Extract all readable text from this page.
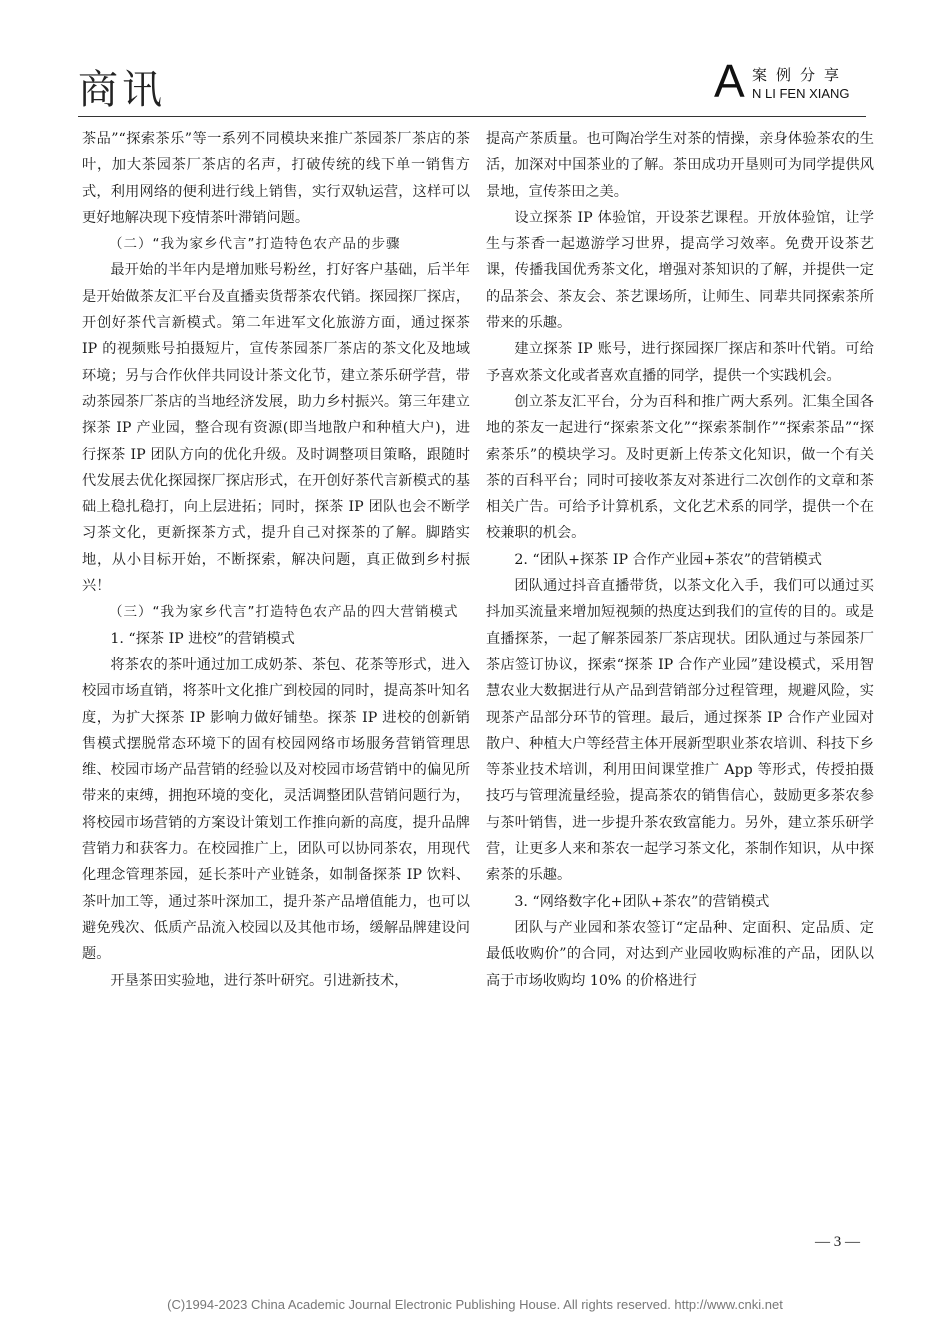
商讯	A 案例分享
N LI FEN XIANG

茶品”“探索茶乐”等一系列不同模块来推广茶园茶厂茶店的茶叶，加大茶园茶厂茶店的名声，打破传统的线下单一销售方式，利用网络的便利进行线上销售，实行双轨运营，这样可以更好地解决现下疫情茶叶滞销问题。

（二）“我为家乡代言”打造特色农产品的步骤

最开始的半年内是增加账号粉丝，打好客户基础，后半年是开始做茶友汇平台及直播卖货帮茶农代销。探园探厂探店，开创好茶代言新模式。第二年进军文化旅游方面，通过探茶 IP 的视频账号拍摄短片，宣传茶园茶厂茶店的茶文化及地域环境；另与合作伙伴共同设计茶文化节，建立茶乐研学营，带动茶园茶厂茶店的当地经济发展，助力乡村振兴。第三年建立探茶 IP 产业园，整合现有资源(即当地散户和种植大户)，进行探茶 IP 团队方向的优化升级。及时调整项目策略，跟随时代发展去优化探园探厂探店形式，在开创好茶代言新模式的基础上稳扎稳打，向上层进拓；同时，探茶 IP 团队也会不断学习茶文化，更新探茶方式，提升自己对探茶的了解。脚踏实地，从小目标开始，不断探索，解决问题，真正做到乡村振兴！

（三）“我为家乡代言”打造特色农产品的四大营销模式

1. “探茶 IP 进校”的营销模式

将茶农的茶叶通过加工成奶茶、茶包、花茶等形式，进入校园市场直销，将茶叶文化推广到校园的同时，提高茶叶知名度，为扩大探茶 IP 影响力做好铺垫。探茶 IP 进校的创新销售模式摆脱常态环境下的固有校园网络市场服务营销管理思维、校园市场产品营销的经验以及对校园市场营销中的偏见所带来的束缚，拥抱环境的变化，灵活调整团队营销问题行为，将校园市场营销的方案设计策划工作推向新的高度，提升品牌营销力和获客力。在校园推广上，团队可以协同茶农，用现代化理念管理茶园，延长茶叶产业链条，如制备探茶 IP 饮料、茶叶加工等，通过茶叶深加工，提升茶产品增值能力，也可以避免残次、低质产品流入校园以及其他市场，缓解品牌建设问题。

开垦茶田实验地，进行茶叶研究。引进新技术，

提高产茶质量。也可陶冶学生对茶的情操，亲身体验茶农的生活，加深对中国茶业的了解。茶田成功开垦则可为同学提供风景地，宣传茶田之美。

设立探茶 IP 体验馆，开设茶艺课程。开放体验馆，让学生与茶香一起遨游学习世界，提高学习效率。免费开设茶艺课，传播我国优秀茶文化，增强对茶知识的了解，并提供一定的品茶会、茶友会、茶艺课场所，让师生、同辈共同探索茶所带来的乐趣。

建立探茶 IP 账号，进行探园探厂探店和茶叶代销。可给予喜欢茶文化或者喜欢直播的同学，提供一个实践机会。

创立茶友汇平台，分为百科和推广两大系列。汇集全国各地的茶友一起进行“探索茶文化”“探索茶制作”“探索茶品”“探索茶乐”的模块学习。及时更新上传茶文化知识，做一个有关茶的百科平台；同时可接收茶友对茶进行二次创作的文章和茶相关广告。可给予计算机系，文化艺术系的同学，提供一个在校兼职的机会。

2. “团队+探茶 IP 合作产业园+茶农”的营销模式

团队通过抖音直播带货，以茶文化入手，我们可以通过买抖加买流量来增加短视频的热度达到我们的宣传的目的。或是直播探茶，一起了解茶园茶厂茶店现状。团队通过与茶园茶厂茶店签订协议，探索“探茶 IP 合作产业园”建设模式，采用智慧农业大数据进行从产品到营销部分过程管理，规避风险，实现茶产品部分环节的管理。最后，通过探茶 IP 合作产业园对散户、种植大户等经营主体开展新型职业茶农培训、科技下乡等茶业技术培训，利用田间课堂推广 App 等形式，传授拍摄技巧与管理流量经验，提高茶农的销售信心，鼓励更多茶农参与茶叶销售，进一步提升茶农致富能力。另外，建立茶乐研学营，让更多人来和茶农一起学习茶文化，茶制作知识，从中探索茶的乐趣。

3. “网络数字化+团队+茶农”的营销模式

团队与产业园和茶农签订“定品种、定面积、定品质、定最低收购价”的合同，对达到产业园收购标准的产品，团队以高于市场收购均 10% 的价格进行

— 3 —
(C)1994-2023 China Academic Journal Electronic Publishing House. All rights reserved. http://www.cnki.net
